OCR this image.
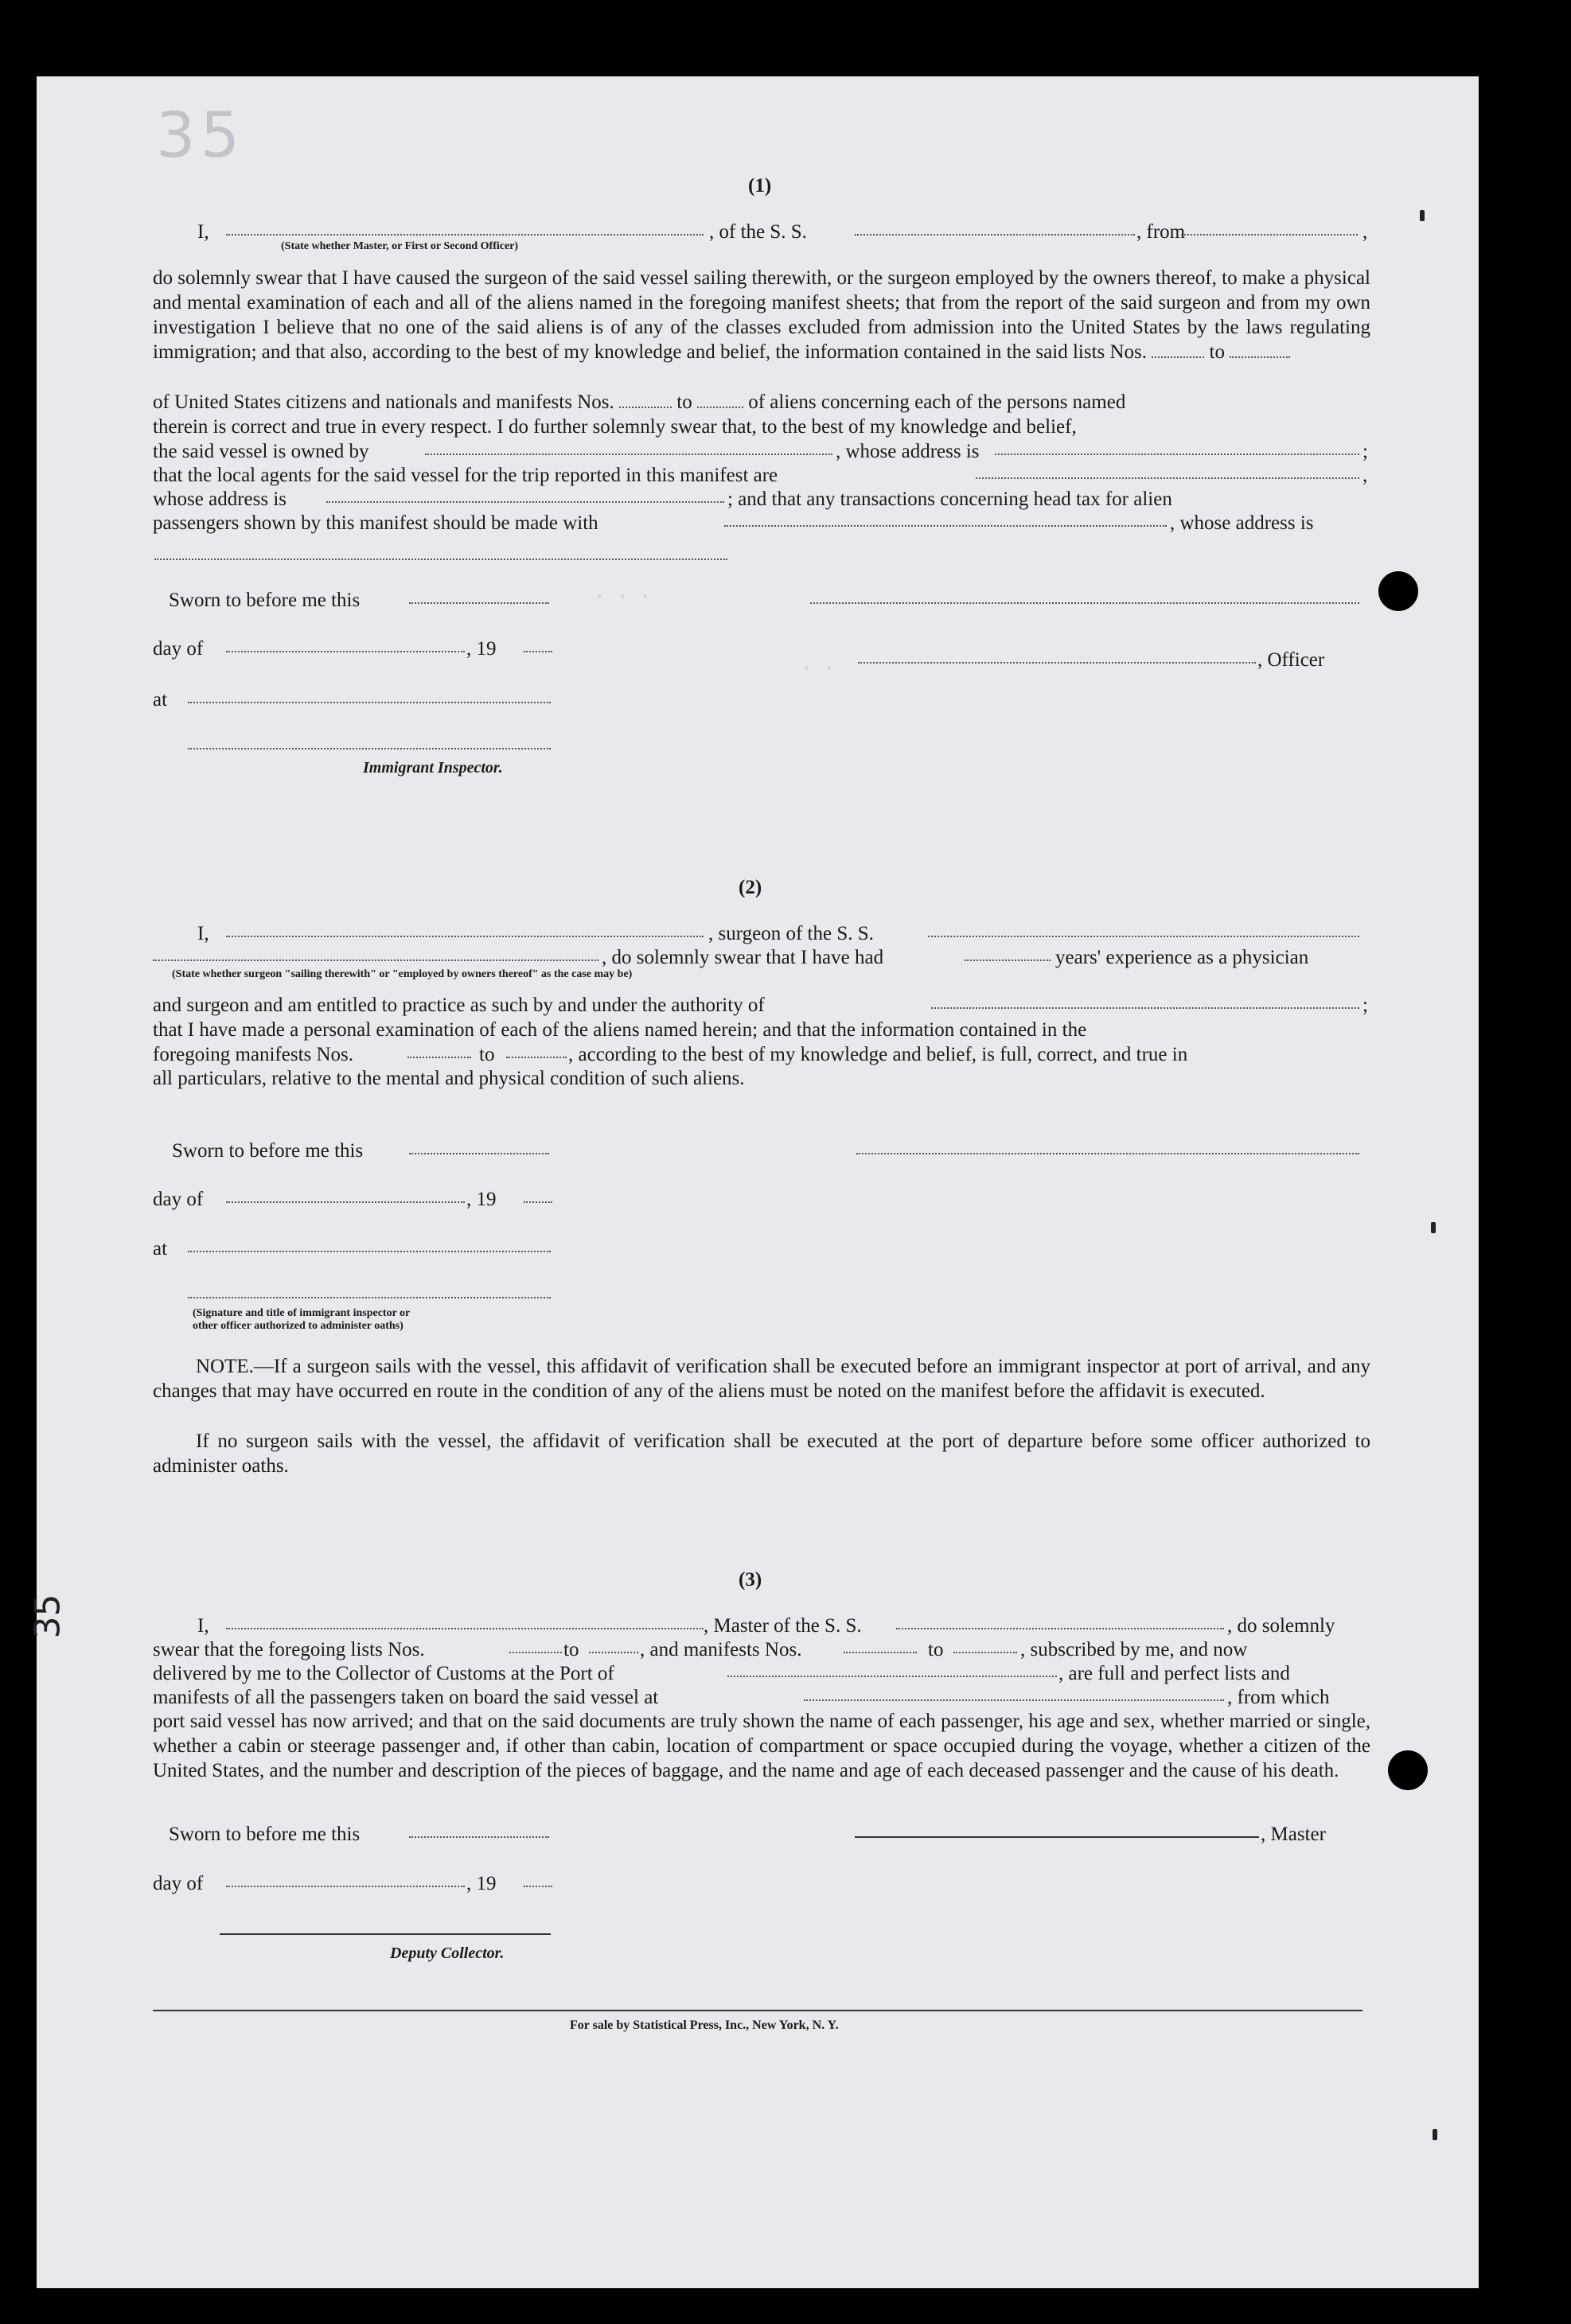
35
35
· · ·
· ·
(1)
I,	, of the S. S.	, from	,
(State whether Master, or First or Second Officer)
do solemnly swear that I have caused the surgeon of the said vessel sailing therewith, or the surgeon employed by the owners thereof, to make a physical and mental examination of each and all of the aliens named in the foregoing manifest sheets; that from the report of the said surgeon and from my own investigation I believe that no one of the said aliens is of any of the classes excluded from admission into the United States by the laws regulating immigration; and that also, according to the best of my knowledge and belief, the information contained in the said lists Nos.	to
of United States citizens and nationals and manifests Nos.	to	of aliens concerning each of the persons named
therein is correct and true in every respect. I do further solemnly swear that, to the best of my knowledge and belief,
the said vessel is owned by	, whose address is	;
that the local agents for the said vessel for the trip reported in this manifest are	,
whose address is	; and that any transactions concerning head tax for alien
passengers shown by this manifest should be made with	, whose address is
Sworn to before me this
day of	, 19
, Officer
at
Immigrant Inspector.
(2)
I,	, surgeon of the S. S.
, do solemnly swear that I have had	years' experience as a physician
(State whether surgeon "sailing therewith" or "employed by owners thereof" as the case may be)
and surgeon and am entitled to practice as such by and under the authority of	;
that I have made a personal examination of each of the aliens named herein; and that the information contained in the
foregoing manifests Nos.	to	, according to the best of my knowledge and belief, is full, correct, and true in
all particulars, relative to the mental and physical condition of such aliens.
Sworn to before me this
day of	, 19
at
(Signature and title of immigrant inspector or
other officer authorized to administer oaths)
NOTE.—If a surgeon sails with the vessel, this affidavit of verification shall be executed before an immigrant inspector at port of arrival, and any changes that may have occurred en route in the condition of any of the aliens must be noted on the manifest before the affidavit is executed.
If no surgeon sails with the vessel, the affidavit of verification shall be executed at the port of departure before some officer authorized to administer oaths.
(3)
I,	, Master of the S. S.	, do solemnly
swear that the foregoing lists Nos.	to	, and manifests Nos.	to	, subscribed by me, and now
delivered by me to the Collector of Customs at the Port of	, are full and perfect lists and
manifests of all the passengers taken on board the said vessel at	, from which
port said vessel has now arrived; and that on the said documents are truly shown the name of each passenger, his age and sex, whether married or single, whether a cabin or steerage passenger and, if other than cabin, location of compartment or space occupied during the voyage, whether a citizen of the United States, and the number and description of the pieces of baggage, and the name and age of each deceased passenger and the cause of his death.
Sworn to before me this	, Master
day of	, 19
Deputy Collector.
For sale by Statistical Press, Inc., New York, N. Y.
